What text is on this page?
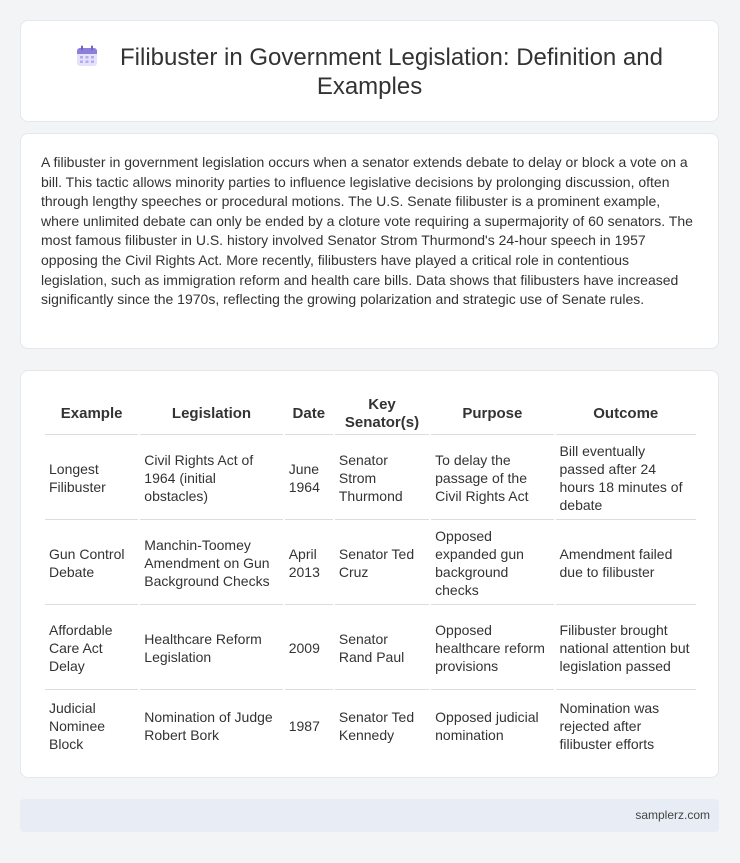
Filibuster in Government Legislation: Definition and Examples

A filibuster in government legislation occurs when a senator extends debate to delay or block a vote on a bill. This tactic allows minority parties to influence legislative decisions by prolonging discussion, often through lengthy speeches or procedural motions. The U.S. Senate filibuster is a prominent example, where unlimited debate can only be ended by a cloture vote requiring a supermajority of 60 senators. The most famous filibuster in U.S. history involved Senator Strom Thurmond's 24-hour speech in 1957 opposing the Civil Rights Act. More recently, filibusters have played a critical role in contentious legislation, such as immigration reform and health care bills. Data shows that filibusters have increased significantly since the 1970s, reflecting the growing polarization and strategic use of Senate rules.

Example	Legislation	Date	Key Senator(s)	Purpose	Outcome
Longest Filibuster	Civil Rights Act of 1964 (initial obstacles)	June 1964	Senator Strom Thurmond	To delay the passage of the Civil Rights Act	Bill eventually passed after 24 hours 18 minutes of debate
Gun Control Debate	Manchin-Toomey Amendment on Gun Background Checks	April 2013	Senator Ted Cruz	Opposed expanded gun background checks	Amendment failed due to filibuster
Affordable Care Act Delay	Healthcare Reform Legislation	2009	Senator Rand Paul	Opposed healthcare reform provisions	Filibuster brought national attention but legislation passed
Judicial Nominee Block	Nomination of Judge Robert Bork	1987	Senator Ted Kennedy	Opposed judicial nomination	Nomination was rejected after filibuster efforts
samplerz.com
